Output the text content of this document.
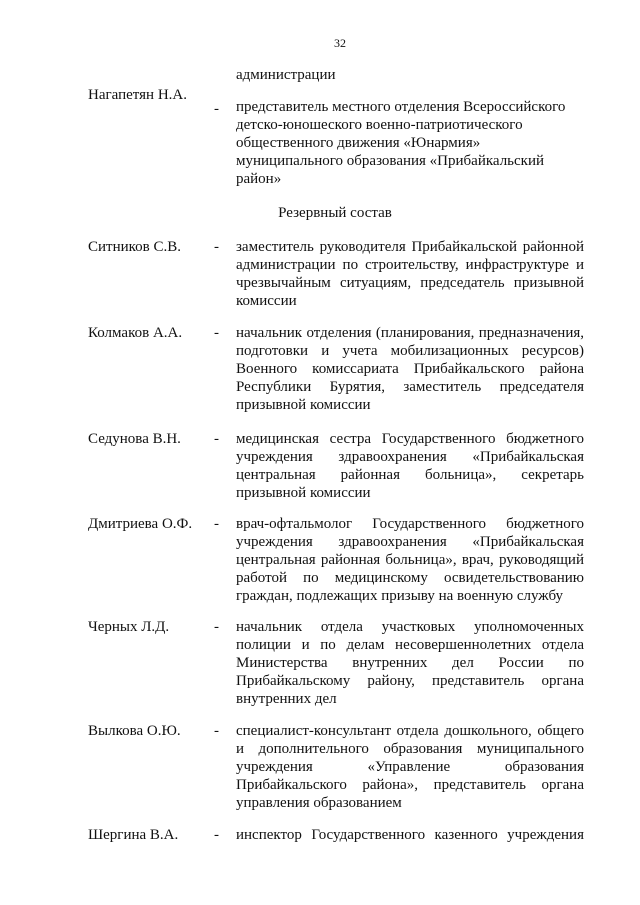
32
администрации
Нагапетян Н.А.
- представитель местного отделения Всероссийского
детско-юношеского военно-патриотического
общественного движения «Юнармия»
муниципального образования «Прибайкальский
район»
Резервный состав
Ситников С.В. - заместитель руководителя Прибайкальской районной администрации по строительству, инфраструктуре и чрезвычайным ситуациям, председатель призывной комиссии
Колмаков А.А. - начальник отделения (планирования, предназначения, подготовки и учета мобилизационных ресурсов) Военного комиссариата Прибайкальского района Республики Бурятия, заместитель председателя призывной комиссии
Седунова В.Н. - медицинская сестра Государственного бюджетного учреждения здравоохранения «Прибайкальская центральная районная больница», секретарь призывной комиссии
Дмитриева О.Ф. - врач-офтальмолог Государственного бюджетного учреждения здравоохранения «Прибайкальская центральная районная больница», врач, руководящий работой по медицинскому освидетельствованию граждан, подлежащих призыву на военную службу
Черных Л.Д.	- начальник отдела участковых уполномоченных полиции и по делам несовершеннолетних отдела Министерства внутренних дел России по Прибайкальскому району, представитель органа внутренних дел
Вылкова О.Ю. - специалист-консультант отдела дошкольного, общего и дополнительного образования муниципального учреждения «Управление образования Прибайкальского района», представитель органа управления образованием
Шергина В.А. - инспектор Государственного казенного учреждения
